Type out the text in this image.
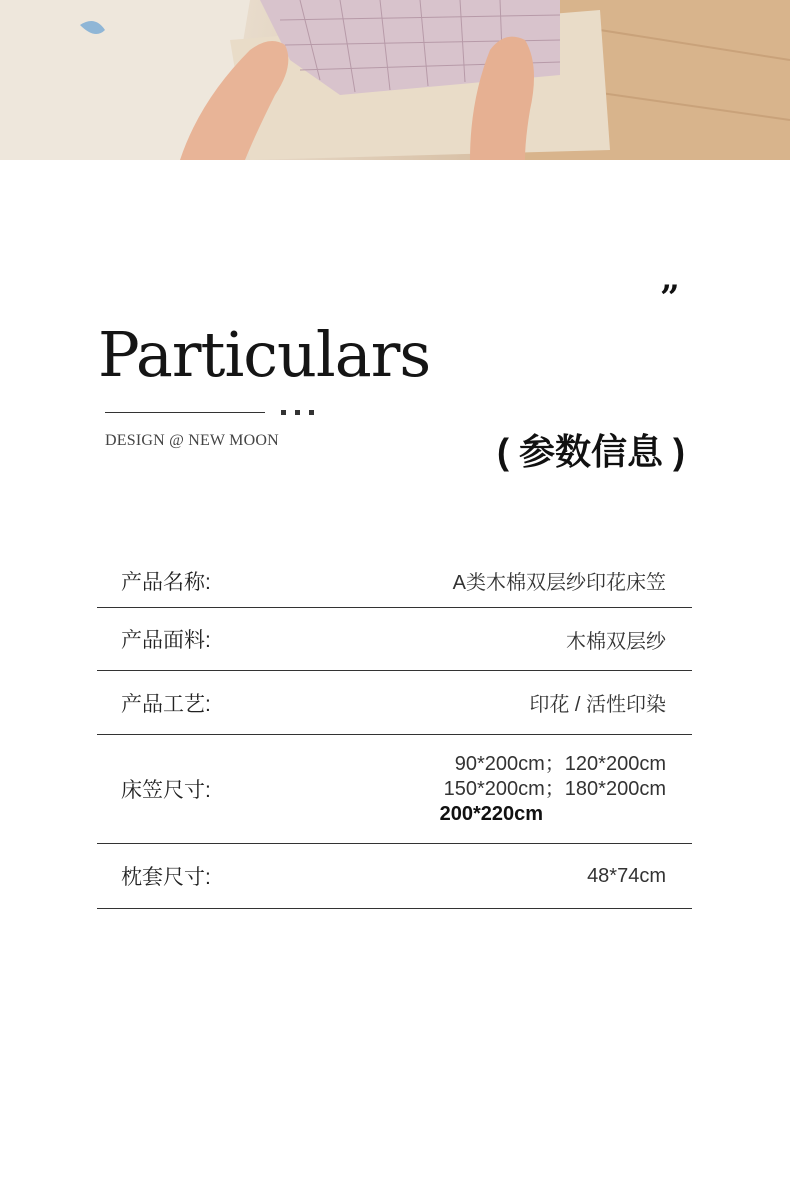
”
Particulars
DESIGN @ NEW MOON	( 参数信息 )
产品名称:	A类木棉双层纱印花床笠
产品面料:	木棉双层纱
产品工艺:	印花 / 活性印染
床笠尺寸:
90*200cm；120*200cm
150*200cm；180*200cm
200*220cm
枕套尺寸:	48*74cm
